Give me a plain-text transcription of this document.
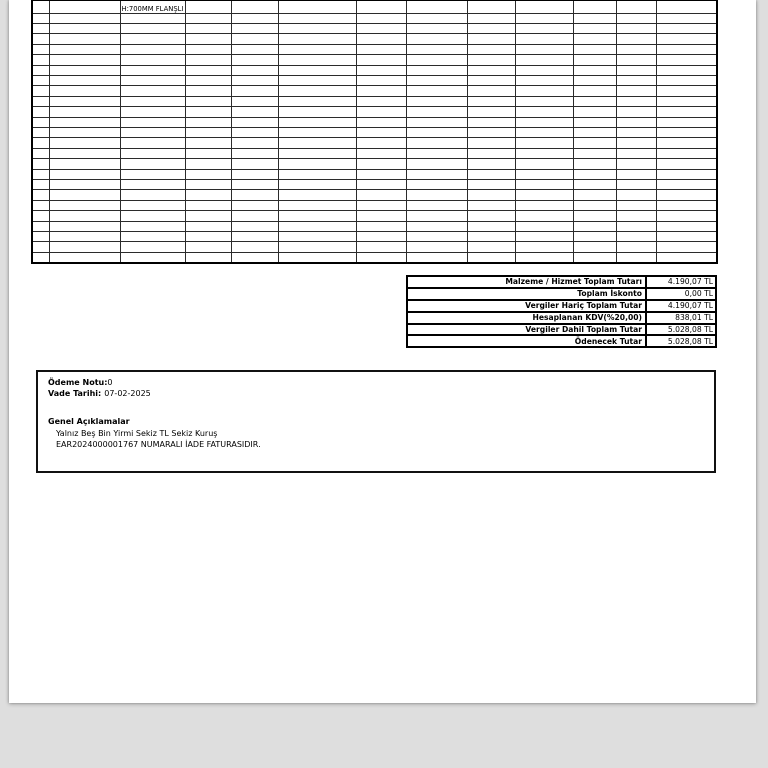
		H:700MM FLANŞLI										

Malzeme / Hizmet Toplam Tutarı	4.190,07 TL
Toplam İskonto	0,00 TL
Vergiler Hariç Toplam Tutar	4.190,07 TL
Hesaplanan KDV(%20,00)	838,01 TL
Vergiler Dahil Toplam Tutar	5.028,08 TL
Ödenecek Tutar	5.028,08 TL
Ödeme Notu:0
Vade Tarihi: 07-02-2025
Genel Açıklamalar
Yalnız Beş Bin Yirmi Sekiz TL Sekiz Kuruş
EAR2024000001767 NUMARALI İADE FATURASIDIR.
